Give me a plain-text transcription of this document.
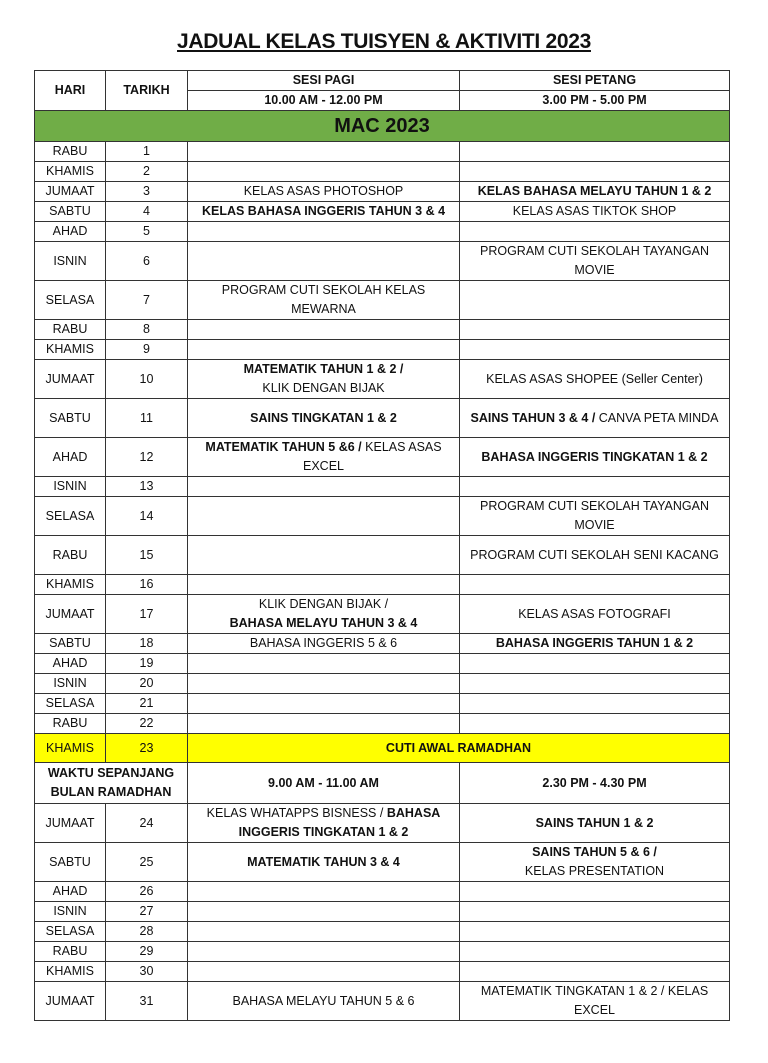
JADUAL KELAS TUISYEN & AKTIVITI 2023
HARI	TARIKH	SESI PAGI	SESI PETANG
		10.00 AM - 12.00 PM	3.00 PM - 5.00 PM
MAC 2023			
RABU	1		
KHAMIS	2		
JUMAAT	3	KELAS ASAS PHOTOSHOP	KELAS BAHASA MELAYU TAHUN 1 & 2
SABTU	4	KELAS BAHASA INGGERIS TAHUN 3 & 4	KELAS ASAS TIKTOK SHOP
AHAD	5		
ISNIN	6		PROGRAM CUTI SEKOLAH TAYANGAN MOVIE
SELASA	7	PROGRAM CUTI SEKOLAH KELAS MEWARNA	
RABU	8		
KHAMIS	9		
JUMAAT	10	MATEMATIK TAHUN 1 & 2 /
KLIK DENGAN BIJAK	KELAS ASAS SHOPEE (Seller Center)
SABTU	11	SAINS TINGKATAN 1 & 2	SAINS TAHUN 3 & 4 / CANVA PETA MINDA
AHAD	12	MATEMATIK TAHUN 5 &6 / KELAS ASAS EXCEL	BAHASA INGGERIS TINGKATAN 1 & 2
ISNIN	13		
SELASA	14		PROGRAM CUTI SEKOLAH TAYANGAN MOVIE
RABU	15		PROGRAM CUTI SEKOLAH SENI KACANG
KHAMIS	16		
JUMAAT	17	KLIK DENGAN BIJAK /
BAHASA MELAYU TAHUN 3 & 4	KELAS ASAS FOTOGRAFI
SABTU	18	BAHASA INGGERIS 5 & 6	BAHASA INGGERIS TAHUN 1 & 2
AHAD	19		
ISNIN	20		
SELASA	21		
RABU	22		
KHAMIS	23	CUTI AWAL RAMADHAN	
WAKTU SEPANJANG BULAN RAMADHAN		9.00 AM - 11.00 AM	2.30 PM - 4.30 PM
JUMAAT	24	KELAS WHATAPPS BISNESS / BAHASA INGGERIS TINGKATAN 1 & 2	SAINS TAHUN 1 & 2
SABTU	25	MATEMATIK TAHUN 3 & 4	SAINS TAHUN 5 & 6 /
KELAS PRESENTATION
AHAD	26		
ISNIN	27		
SELASA	28		
RABU	29		
KHAMIS	30		
JUMAAT	31	BAHASA MELAYU TAHUN 5 & 6	MATEMATIK TINGKATAN 1 & 2 / KELAS EXCEL
